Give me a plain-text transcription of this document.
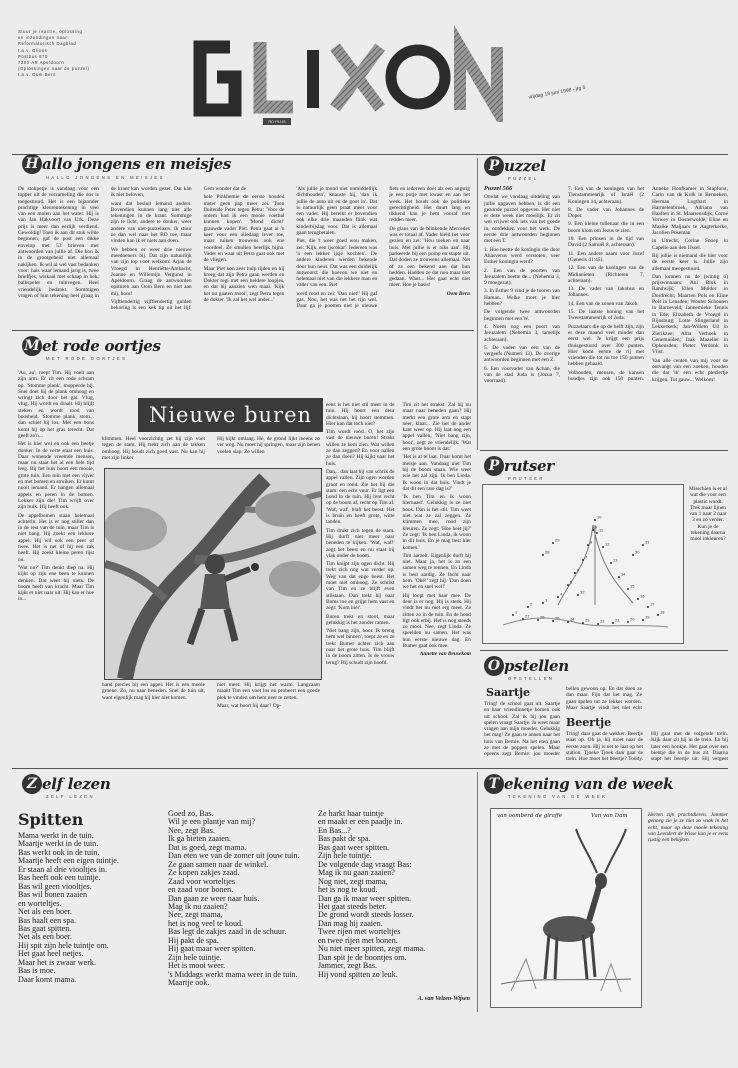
Stuur je reactie, oplossing
en inzendingen naar:
Reformatorisch Dagblad
t.a.v. Glixon
Postbus 670
7300 AR Apeldoorn
(Oplossingen naar de puzzel)
t.a.v. Oom Bern
RD PLUS
vrijdag 19 juni 1998 - jrg 5
H allo jongens en meisjes
HALLO JONGENS EN MEISJES

De stokpetje is vandaag voor een topper uit de verzameling die ons is toegestuurd. Het is een bijzonder prachtige kleurentekening in veel van een molen aan het water. Hij is van Jan Hakvoort van Urk. Deze prijs is meer dan eerlijk verdiend. Gewoldig! Toen ik aan dit stuk wilde beginnen, gaf de post een dikke envelop met 53 brieven met antwoorden van jullie af. Die kon ik in de grootgeheid niet allemaal nakijken. Ik wil al wel vast bedanken voor: hais waar iemand jarig is, twee brieffjes, wiskaal met schaap in hek, balkspeler en tuinvegen. Heel vriendelijk bedankt. Sommigen vragen of hun tekening heel graag in de krant kan worden gezet. Dat kan ik niet beloven,

want dat besluit iemand anders. Bovendien kunnen lang niet alle tekeningen in de krant. Sommige zijn te licht, andere te donker, weer andere van niet-puzzelaars. Ik stuur ze dan wel naar het RD toe, maar vinden kan ik er niets aan doen.

We hebben er weer drie nieuwe meedoeners bij. Dat zijn natuurlijk van zijn top voor welkom: Arjan de Vroegd in Henriëtte-Ambacht, Joanne en Willemijn Vergunst in Apeldoorn. Graag de antwoorden opsturen aan Oom Bern en niet aan mij, hoor!

Vijftiendertig vijftiendertig gulden bekoring is een kek tip uit het lijf. Gem wonder dat de

hele Pinkhemie de eerste houded meter geen pap meer zei. Toen fluitende Peter tegen Petra: 'Voor de ontem had ik een mooie voetbal kunnen kopen'. 'Mond dicht!' grauwde vader Piet. Petra gaat al 'n keer voor een alledaag lever toe, maar ruiken trouwens ook ene voordeel. Ze smullen heerlijk bijna. Vader en waar uit Petra gaat ook met de vliegen.

Maar Piet kon zeer hulp tijden en hij kreeg dat zijn Petra gaan werden en Dokter regi met een heldere loopjes, en dat hij aanzien wen maal. 'Kijk het nu gaaten mooi', zegt Petra tegen de dokter. 'Ik zal het wel ander...'

'Als jullie je mond niet onmiddellijk dichthouden', knauste hij, 'dan ik jullie de auto uit en de goot in'. Dat is natuurlijk geen praat meer voor een vader. Hij bereikt er bovendien ook elke drie maanden flink wat kinderbijslag voor. Dat is allemaal gaan terugbetalen.

Piet, die 't weer goed wou maken, zei: 'Kijk, een ijscokar'. Iedereen was 'n een lekker ijsje kochten'. De andere kinderen werden bekende door hun neus. Dat was een duidelijk antwoord: die hoeven we niet en helemaal niet van die lekkere man en vader van een. Piet

werd rood en zei: 'Dan niet!' Hij gaf gas. Nou, het was net het rijn wel. Daar ga je pootten niet je nieuwe fiets en iedereen doet als een angstig je een potje met kwast en aan het werk. Het houdt ook de politieke gerechtigheid. Het duurt lang en tikkend kan je hem vooraf niet redden meer.

De glans van de blinkende Mercedes was er totaal af. Vader hield het voor gezien en zei: 'Hou toeken en naar huis. Met jullie is er niks aan'. Hij parkeerde bij een pomp en stapte uit. Dat doden ze trouwens allemaal. Net of ze een bekend aan dat hun bedden. Hadden ze dat nou maar niet gedaan. Want... Het gaat echt niet meer. Hoe je basis!

Oom Bern
P uzzel
PUZZEL

Puzzel 566

Omdat we vandaag uitdeling van jullie opgaven hebben, is dit een gezonde puzzel opgeven. Het niet er deze week niet moeilijk. Er zit wel vrijwel ook iets van het goede in, ontdekken voor het werk. De eerste drie antwoorden beginnen met een T.

1. Hoe heette de koningin die door Ahasverus werd verstoten, veer Esther koningin werd?

2. Een van de poorten van Jeruzalem heette de... (Nehemia 3, 9 moegezat).

3. In Esther 9 vind je de tooren van Haman. Welke moet je hier hebben?

De volgende twee antwoorden beginnen met een W.

4. Noem nog een poort van Jeruzalem (Nehemia 3, tamelijk achteraan).

5. De vader van een van de vergeefs (Numeri 13). De overige antwoorden beginnen met een Z.

6. Een voorvader van Achan, die van de stad Juda is (Jozua 7, voorraad).

7. Een van de koningen van het Tienstammenrijk of Israël (2 Koningen 14, achteraan).

8. De vader van Johannes de Doper.

9. Een kleine tollenaar die in een boom klom om Jezus te zien.

10. Een prinsen in de tijd van David (2 Samuël 8, achteraan).

11. Een andere naam voor Jozef (Genesis 41:45).

12. Een van de koningen van de Midianieten (Richteren 7, achteraan).

13. De vader van Jakobus en Johannes.

14. Een van de zonen van Jakob.

15. De laatste koning van het Tweestammenrijk of Juda.

Puzzelaars die op de helft zijn, zijn er deze maand veel minder dan eerst wel. Je krijgt een prijs thuisgestuurd over 300 punten. Hier komt eerste de rij met vrienden die tot nu toe 150 punten hebben gehaald.

Volhouden, mensen, de kansen houdjes zijn ook 150 punten. Anneke Hoofkamer in Stapforst, Carin van de Kolk in Benneken, Herman Logthart in Harmelenbroek, Adriana van Haaften in St. Maartensdijk, Corné Verwey in Oosterwolde, Eline en Maaike Maljaars te Aagterkerke, Jacolien Poseman

in Utrecht, Corine Snoep in Capelle aan den IJssel.

Bij jullie is niemand die hier voor de eerste keer is. Jullie zijn allemaal meegestuurd.

Dan kunnen nu de (wintig 6) prijswinnaars: Anl Blok in Randwijk; Ellen Mulder in Dordrecht; Maarten Pols en Eline Pols in Leusden; Wouter Schouten in Barneveld; Jannemieke Tennis in Ede; Elizabeth de Vroegd in Rijnsburg; Lotte Slingerland in Lekkerkerk; Jan-Willem Uil in Zierikzee; Alba Verhoek in Genemuiden; Izak Mazelier in Opheusden; Pieter Verdonk in Vlist.

Van alle centen van mij voor de ontvangt van een zoeken, houden die dat 'ik' een echt pleziertje krijgen. Tot gauw... Welkom!

M et rode oortjes
MET RODE OORTJES

'Au, au', roept Tim. Hij voelt aan zijn arm. Er zit een rode schram op. 'Stomme plank', mopperde hij. Snel doet hij de plank omhoog en wringt zich door het gat. Vlug, vlug. Hij wordt en draait. Hij blijft steken en wordt rood van boosheid. 'Stomme plank, stom... dan schiet hij los. Met een bons komt hij op het gras terecht. Dat geeft zo'n...

Het is hier wel en ook een beetje donker. In de verte staat een huis. Daar wonende vreemde mensen, maar nu staat het al een hele tijd leeg. Bij het huis hoort een mooie, grote tuin. Een tuin met een vijver en met bomen en struiken. Er komt nooit iemand. Er hangen allemaal appels en peren in de bomen. Lekker zijn die! Tim wrijft over zijn buik. Hij heeft ook.

De appelbomen staan helemaal achterin. Het is er nog stiller dan in de rest van de tuin, maar Tim is niet bang. Hij zoekt een lekkere appel. Hij wil ook een peer of twee. Het is net of hij een zak heeft. Hij zoekt kleine peren rijst nu.

'Wat nu?' Tim denkt diep na. Hij kijkt op zijn ene been te kunnen denken. Dat weet hij niets. De boom heeft van kracht. Maar Tim kijkt er niet naar uit. Hij kan er hoe in...

Nieuwe buren

klimmen. Heel voorzichtig zet hij zijn voet tegen de stam. Hij trekt zich aan de takken omhoog. Hij houdt zich goed vast. Nu kan hij met zijn linker

Hij kijkt omlaag. Hé, de grond lijkt ineens zo ver weg. Nu moet hij springen, maar zijn benen voelen slap. Ze willen

hand precies bij een appel. Het is een mooie groene. Zo, nu naar beneden. Snel de tuin uit, want eigenlijk mag hij hier niet komen.

niet meer. Hij krijgt het warm. Langzaam maakt Tim een voet los en probeert een goede plek te vinden om hem neer te zetten.

Maar, wat hoort hij daar? Op-

eens is het niet stil meer in de tuin. Hij hoort een deur dichtslaan, hij hoort stemmen. Hier kan dat toch niet?

Tim wordt rood. O, het zijn vast de nieuwe buren! Straks willen ze hem zien. Wat willen ze dan zeggen? En voor nallen ze dan doen? Hij kijkt naar het huis.

Dan... dan laat hij van schrik de appel vallen. Zijn ogen worden groot en rond. Zie het bij die stam: een echt vuur. Er ligt een hond in de tuin. Hij rent recht op de boom af, recht op Tim af. 'Waf, waf', blaft het beest. Het is bruin en heeft grote, witte tanden.

Tim drukt zich tegen de stam. Hij durft niet meer naar beneden te kijken. 'Waf, waf!' zegt het beest en nu staat hij vlak onder de boom.

Tim knijpt zijn ogen dicht. Hij trekt zich nog wat verder op. Weg van dat enge beest. Het moet niet omhoog. Ze schrikt van Tim en ze blijft even stilstaan. Dan trekt hij naar Bums toe en grijpt hem vast en zegt: 'Kom hier'.

Buren trekt en stoot, maar gelukkig is het zonder ramen.

'Niet bang zijn, hoor. Ik breng hem wel binnen', roept ze en ze trekt Bumer achter zich aan naar het grote huis. Tim blijft in de boom zitten. Is de vrouw terug? Hij schudt zijn hoofd.

Tim zit het strakst. Zal hij nu maar naar beneden gaan? Hij merkt een grote arm en stapt neer, klaar... Zie het de ander kant weer op. Hij laat nog een appel vallen, 'Niet bang zijn, hoor', zegt ze vriendelijk. 'Wat een grote boom is dat.'

'Het is al te laat. Daar komt het meisje aan. Vandaag niet Tim bij de boom staan. Wie weet wie het zal zijn. Ik ben Linda. Ik woon in dat huis. Vindt je dat dit een rare dag is?'

'Ik ben Tim en ik woon hiernaast'. Gelukkig is ze niet boos. Dan is het stil. Tim weet niet wat ze zal zeggen. Ze klimmen mee, rood zijn kleuren. Ze zegt: 'Hoe heet jij?' Ze zegt: 'Ik ben Linda, ik woon in dit huis. En je mag best hier komen.'

Tim aarzelt. Eigenlijk durft hij niet. Maar ja, het is zo een samen weg te rennen. En Linda is best aardig. Ze lacht naar hem. 'Oké!' zegt hij. 'Dan doen we het en snel wel!'

Hij loopt met haar mee. De deur is er nog. Hij is sterk. Hij vindt het nu niet erg meer. Ze zitten zo in de tuin. En de hond ligt ook erbij. Het is nog steeds zo mooi. Nee, zegt Linda. Ze speelden nu samen. Het was hun eerste nieuwe dag. En Bumer gaat ook mee.

Annette van Beusekom
P rutser
PRUTSER
1
2
3
4
5
6
7
8
9
10
11
12
13
14
15
16
17
18
19
20
21
22
23
24
25
26
27
28
29
30
31
32

Misschien is er al wat die voor een plastic wordt. Trek maar lijnen van 1 naar 2 naar 3 en zo verder. Kun je de tekening daarna mooi inkleuren?

O pstellen
OPSTELLEN
Saartje

Tring! de school gaat uit. Saartje en haar vriendinnetje komen ook uit school. Zal ik bij jou gaan spelen vraagt Saartje. Ja weet maar vragen aan mijn moeder. Gelukkig het mag! Ze gaan te annen naar het huis van Bernie. Na het eten gaan ze met de poppen spelen. Maar opeens zegt Bernie: jou moeder

bellen gewoon op. En dat doen ze dan maar. Fijn dat het mag. Ze gaan spelen tot ze lekker worden. Maar Saartje vindt het niet echt

Beertje

Tring! daar gaat de wekker. Beertje staat op. Oh ja, hij moet naar de eerste zoen. Hij is net te laat op het station. Tjoeke Tjoek daar gaat de trein. Hoe moet het beertje? Toddy. Hij gaat met de volgende trein. Kijk daar zit hij in de trein. En bij later een honkje. Het gaat over een bientje die in de bus zit. Daarna stapt het beertje uit. Hij vergeet

Z elf lezen
ZELF LEZEN
Spitten
Mama werkt in de tuin.
Maartje werkt in de tuin.
Bas werkt ook in de tuin.
Maartje heeft een eigen tuintje.
Er staan al drie viooltjes in.
Bas heeft ook een tuintje.
Bas wil geen viooltjes.
Bas wil bonen zaaien
en worteltjes.
Net als een boer.
Bas haalt een spa.
Bas gaat spitten.
Net als een boer.
Hij spit zijn hele tuintje om.
Het gaat heel netjes.
Maar het is zwaar werk.
Bas is moe.
Daar komt mama.
Goed zo, Bas.
Wil je een plantje van mij?
Nee, zegt Bas.
Ik ga bieten zaaien.
Dat is goed, zegt mama.
Dan eten we van de zomer uit jouw tuin.
Ze gaan samen naar de winkel.
Ze kopen zakjes zaad.
Zaad voor worteltjes
en zaad voor bonen.
Dan gaan ze weer naar huis.
Mag ik nu zaaien?
Nee, zegt mama,
het is nog veel te koud.
Bas legt de zakjes zaad in de schuur.
Hij pakt de spa.
Hij gaat maar weer spitten.
Zijn hele tuintje.
Het is mooi weer.
's Middags werkt mama weer in de tuin.
Maartje ook.
Ze harkt haar tuintje
en maakt er een paadje in.
En Bas...?
Bas pakt de spa.
Bas gaat weer spitten.
Zijn hele tuintje.
De volgende dag vraagt Bas:
Mag ik nu gaan zaaien?
Nog niet, zegt mama,
het is nog te koud.
Dan ga ik maar weer spitten.
Het gaat steeds beter.
De grond wordt steeds losser.
Dan mag hij zaaien.
Twee rijen met worteltjes
en twee rijen met bonen.
Nu niet meer spitten, zegt mama.
Dan spit je de boontjes om.
Jammer, zegt Bas.
Hij vond spitten zo leuk.
A. van Velzen-Wijsen
T ekening van de week
TEKENING VAN DE WEEK
van oomberd de giraffe	Van van Dam	Herten zijn prachtdieren. Jammer genoeg zie je ze niet zo vaak in het echt, maar op deze mooie tekening van Leendert de Wisse kun je er eens rustig een bekijken.
